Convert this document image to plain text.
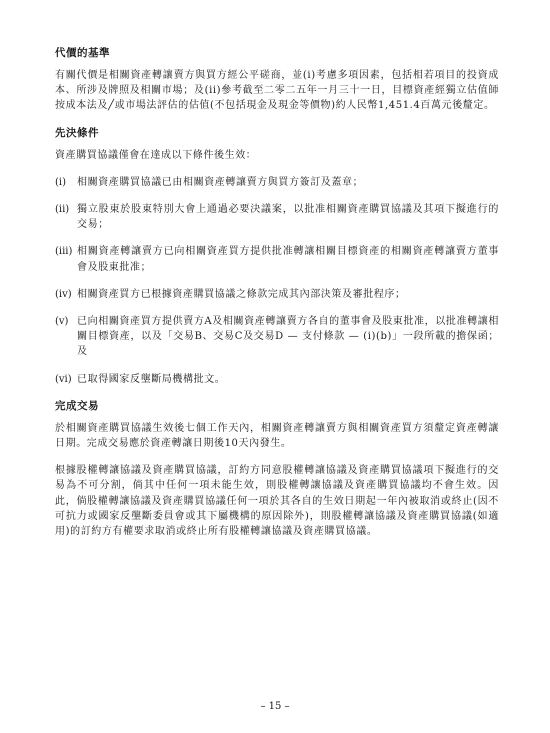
代價的基準
有關代價是相關資產轉讓賣方與買方經公平磋商，並(i)考慮多項因素，包括相若項目的投資成本、所涉及牌照及相關市場；及(ii)參考截至二零二五年一月三十一日，目標資產經獨立估值師按成本法及╱或市場法評估的估值(不包括現金及現金等價物)約人民幣1,451.4百萬元後釐定。
先決條件
資產購買協議僅會在達成以下條件後生效：
(i)	相關資產購買協議已由相關資產轉讓賣方與買方簽訂及蓋章；
(ii) 獨立股東於股東特別大會上通過必要決議案，以批准相關資產購買協議及其項下擬進行的交易；
(iii) 相關資產轉讓賣方已向相關資產買方提供批准轉讓相關目標資產的相關資產轉讓賣方董事會及股東批准；
(iv) 相關資產買方已根據資產購買協議之條款完成其內部決策及審批程序；
(v) 已向相關資產買方提供賣方A及相關資產轉讓賣方各自的董事會及股東批准，以批准轉讓相關目標資產，以及「交易B、交易C及交易D — 支付條款 — (i)(b)」一段所載的擔保函；及
(vi) 已取得國家反壟斷局機構批文。
完成交易
於相關資產購買協議生效後七個工作天內，相關資產轉讓賣方與相關資產買方須釐定資產轉讓日期。完成交易應於資產轉讓日期後10天內發生。
根據股權轉讓協議及資產購買協議，訂約方同意股權轉讓協議及資產購買協議項下擬進行的交易為不可分割，倘其中任何一項未能生效，則股權轉讓協議及資產購買協議均不會生效。因此，倘股權轉讓協議及資產購買協議任何一項於其各自的生效日期起一年內被取消或終止(因不可抗力或國家反壟斷委員會或其下屬機構的原因除外)，則股權轉讓協議及資產購買協議(如適用)的訂約方有權要求取消或終止所有股權轉讓協議及資產購買協議。
– 15 –
